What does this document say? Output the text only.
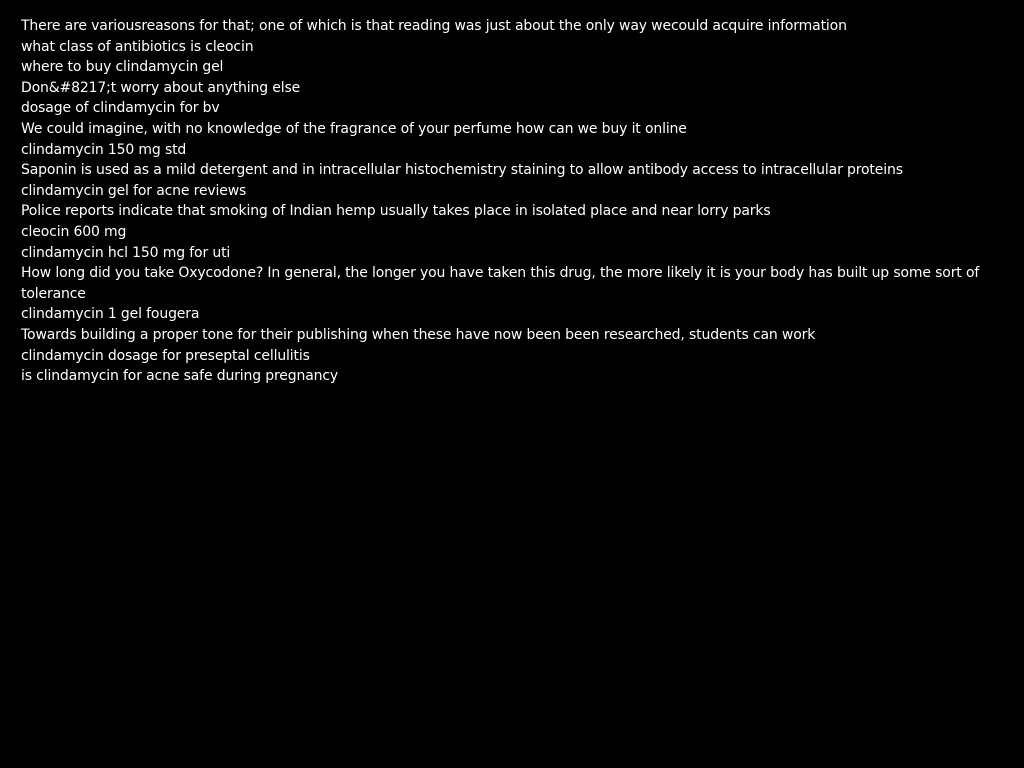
There are variousreasons for that; one of which is that reading was just about the only way wecould acquire information
what class of antibiotics is cleocin
where to buy clindamycin gel
Don&#8217;t worry about anything else
dosage of clindamycin for bv
We could imagine, with no knowledge of the fragrance of your perfume how can we buy it online
clindamycin 150 mg std
Saponin is used as a mild detergent and in intracellular histochemistry staining to allow antibody access to intracellular proteins
clindamycin gel for acne reviews
Police reports indicate that smoking of Indian hemp usually takes place in isolated place and near lorry parks
cleocin 600 mg
clindamycin hcl 150 mg for uti
How long did you take Oxycodone? In general, the longer you have taken this drug, the more likely it is your body has built up some sort of tolerance
clindamycin 1 gel fougera
Towards building a proper tone for their publishing when these have now been been researched, students can work
clindamycin dosage for preseptal cellulitis
is clindamycin for acne safe during pregnancy
